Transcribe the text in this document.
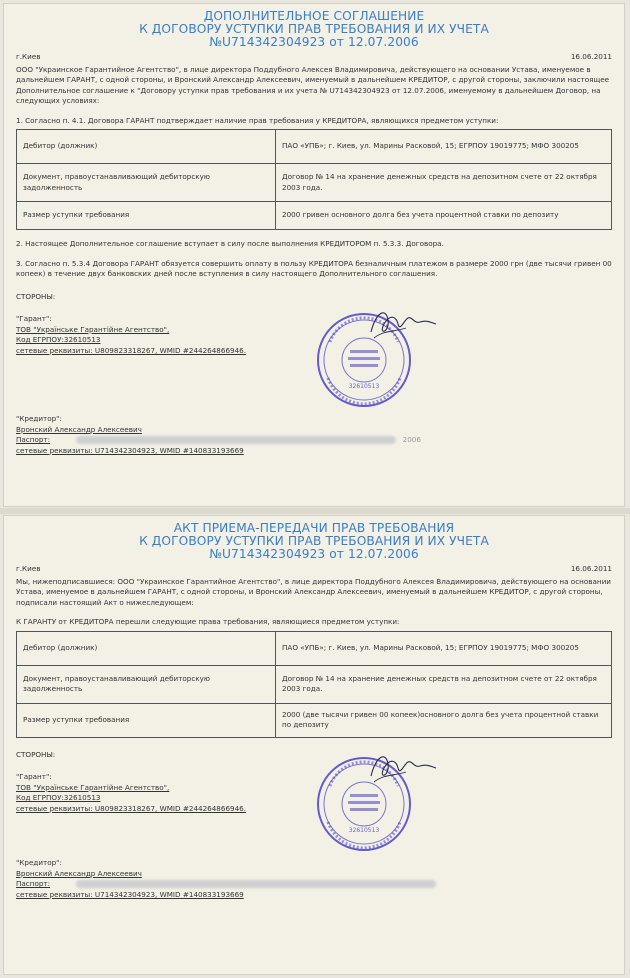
ДОПОЛНИТЕЛЬНОЕ СОГЛАШЕНИЕ
К ДОГОВОРУ УСТУПКИ ПРАВ ТРЕБОВАНИЯ И ИХ УЧЕТА
№U714342304923 от 12.07.2006
г.Киев	16.06.2011

ООО "Украинское Гарантийное Агентство", в лице директора Поддубного Алексея Владимировича, действующего на основании Устава, именуемое в дальнейшем ГАРАНТ, с одной стороны, и Вронский Александр Алексеевич, именуемый в дальнейшем КРЕДИТОР, с другой стороны, заключили настоящее Дополнительное соглашение к "Договору уступки прав требования и их учета № U714342304923 от 12.07.2006, именуемому в дальнейшем Договор, на следующих условиях:

1. Согласно п. 4.1. Договора ГАРАНТ подтверждает наличие прав требования у КРЕДИТОРА, являющихся предметом уступки:

Дебитор (должник)	ПАО «УПБ»; г. Киев, ул. Марины Расковой, 15; ЕГРПОУ 19019775; МФО 300205
Документ, правоустанавливающий дебиторскую задолженность	Договор № 14 на хранение денежных средств на депозитном счете от 22 октября 2003 года.
Размер уступки требования	2000 гривен основного долга без учета процентной ставки по депозиту

2. Настоящее Дополнительное соглашение вступает в силу после выполнения КРЕДИТОРОМ п. 5.3.3. Договора.

3. Согласно п. 5.3.4 Договора ГАРАНТ обязуется совершить оплату в пользу КРЕДИТОРА безналичным платежом в размере 2000 грн (две тысячи гривен 00 копеек) в течение двух банковских дней после вступления в силу настоящего Дополнительного соглашения.

СТОРОНЫ:

"Гарант":
ТОВ "Українське Гарантійне Агентство",
Код ЕГРПОУ:32610513
сетевые реквизиты: U809823318267, WMID #244264866946.
32610513
"Кредитор":
Вронский Александр Алексеевич
Паспорт:	2006
сетевые реквизиты: U714342304923, WMID #140833193669
АКТ ПРИЕМА-ПЕРЕДАЧИ ПРАВ ТРЕБОВАНИЯ
К ДОГОВОРУ УСТУПКИ ПРАВ ТРЕБОВАНИЯ И ИХ УЧЕТА
№U714342304923 от 12.07.2006
г.Киев	16.06.2011

Мы, нижеподписавшиеся: ООО "Украинское Гарантийное Агентство", в лице директора Поддубного Алексея Владимировича, действующего на основании Устава, именуемое в дальнейшем ГАРАНТ, с одной стороны, и Вронский Александр Алексеевич, именуемый в дальнейшем КРЕДИТОР, с другой стороны, подписали настоящий Акт о нижеследующем:

К ГАРАНТУ от КРЕДИТОРА перешли следующие права требования, являющиеся предметом уступки:

Дебитор (должник)	ПАО «УПБ»; г. Киев, ул. Марины Расковой, 15; ЕГРПОУ 19019775; МФО 300205
Документ, правоустанавливающий дебиторскую задолженность	Договор № 14 на хранение денежных средств на депозитном счете от 22 октября 2003 года.
Размер уступки требования	2000 (две тысячи гривен 00 копеек)основного долга без учета процентной ставки по депозиту

СТОРОНЫ:

"Гарант":
ТОВ "Українське Гарантійне Агентство",
Код ЕГРПОУ:32610513
сетевые реквизиты: U809823318267, WMID #244264866946.
32610513
"Кредитор":
Вронский Александр Алексеевич
Паспорт:
сетевые реквизиты: U714342304923, WMID #140833193669
